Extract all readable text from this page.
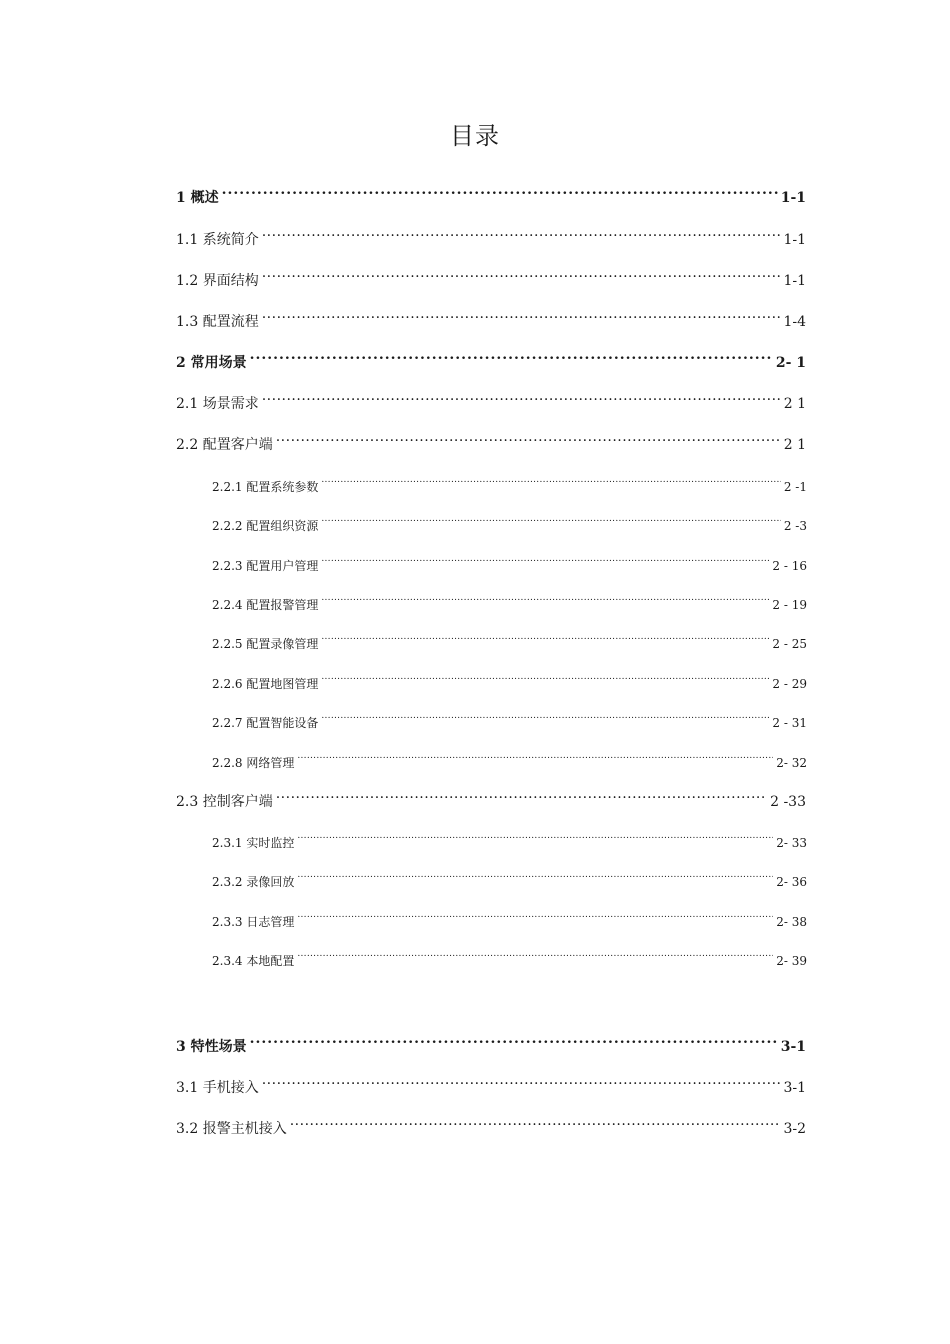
目录
1 概述 .....	1-1
1.1 系统简介 .....	1-1
1.2 界面结构 .....	1-1
1.3 配置流程 .....	1-4
2 常用场景 .....	2- 1
2.1 场景需求 .....	2 1
2.2 配置客户端 .....	2 1
2.2.1 配置系统参数 .....	2 -1
2.2.2 配置组织资源 .....	2 -3
2.2.3 配置用户管理 .....	2 - 16
2.2.4 配置报警管理 .....	2 - 19
2.2.5 配置录像管理 .....	2 - 25
2.2.6 配置地图管理 .....	2 - 29
2.2.7 配置智能设备 .....	2 - 31
2.2.8 网络管理 .....	2- 32
2.3 控制客户端 .....	2 -33
2.3.1 实时监控 .....	2- 33
2.3.2 录像回放 .....	2- 36
2.3.3 日志管理 .....	2- 38
2.3.4 本地配置 .....	2- 39
3 特性场景 .....	3-1
3.1 手机接入 .....	3-1
3.2 报警主机接入 .....	3-2
